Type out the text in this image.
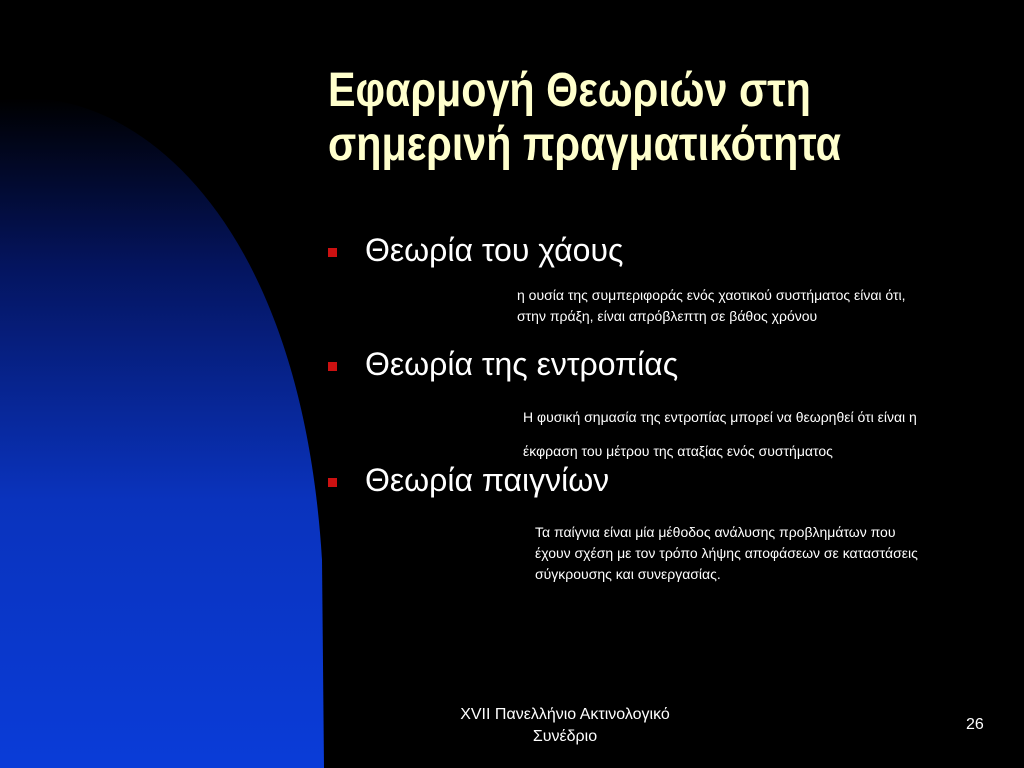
Εφαρμογή Θεωριών στη
σημερινή πραγματικότητα
Θεωρία του χάους
η ουσία της συμπεριφοράς ενός χαοτικού συστήματος είναι ότι,
στην πράξη, είναι απρόβλεπτη σε βάθος χρόνου
Θεωρία της εντροπίας
Η φυσική σημασία της εντροπίας μπορεί να θεωρηθεί ότι είναι η
έκφραση του μέτρου της αταξίας ενός συστήματος
Θεωρία παιγνίων
Τα παίγνια είναι μία μέθοδος ανάλυσης προβλημάτων που
έχουν σχέση με τον τρόπο λήψης αποφάσεων σε καταστάσεις
σύγκρουσης και συνεργασίας.
XVII Πανελλήνιο Ακτινολογικό
Συνέδριο
26
